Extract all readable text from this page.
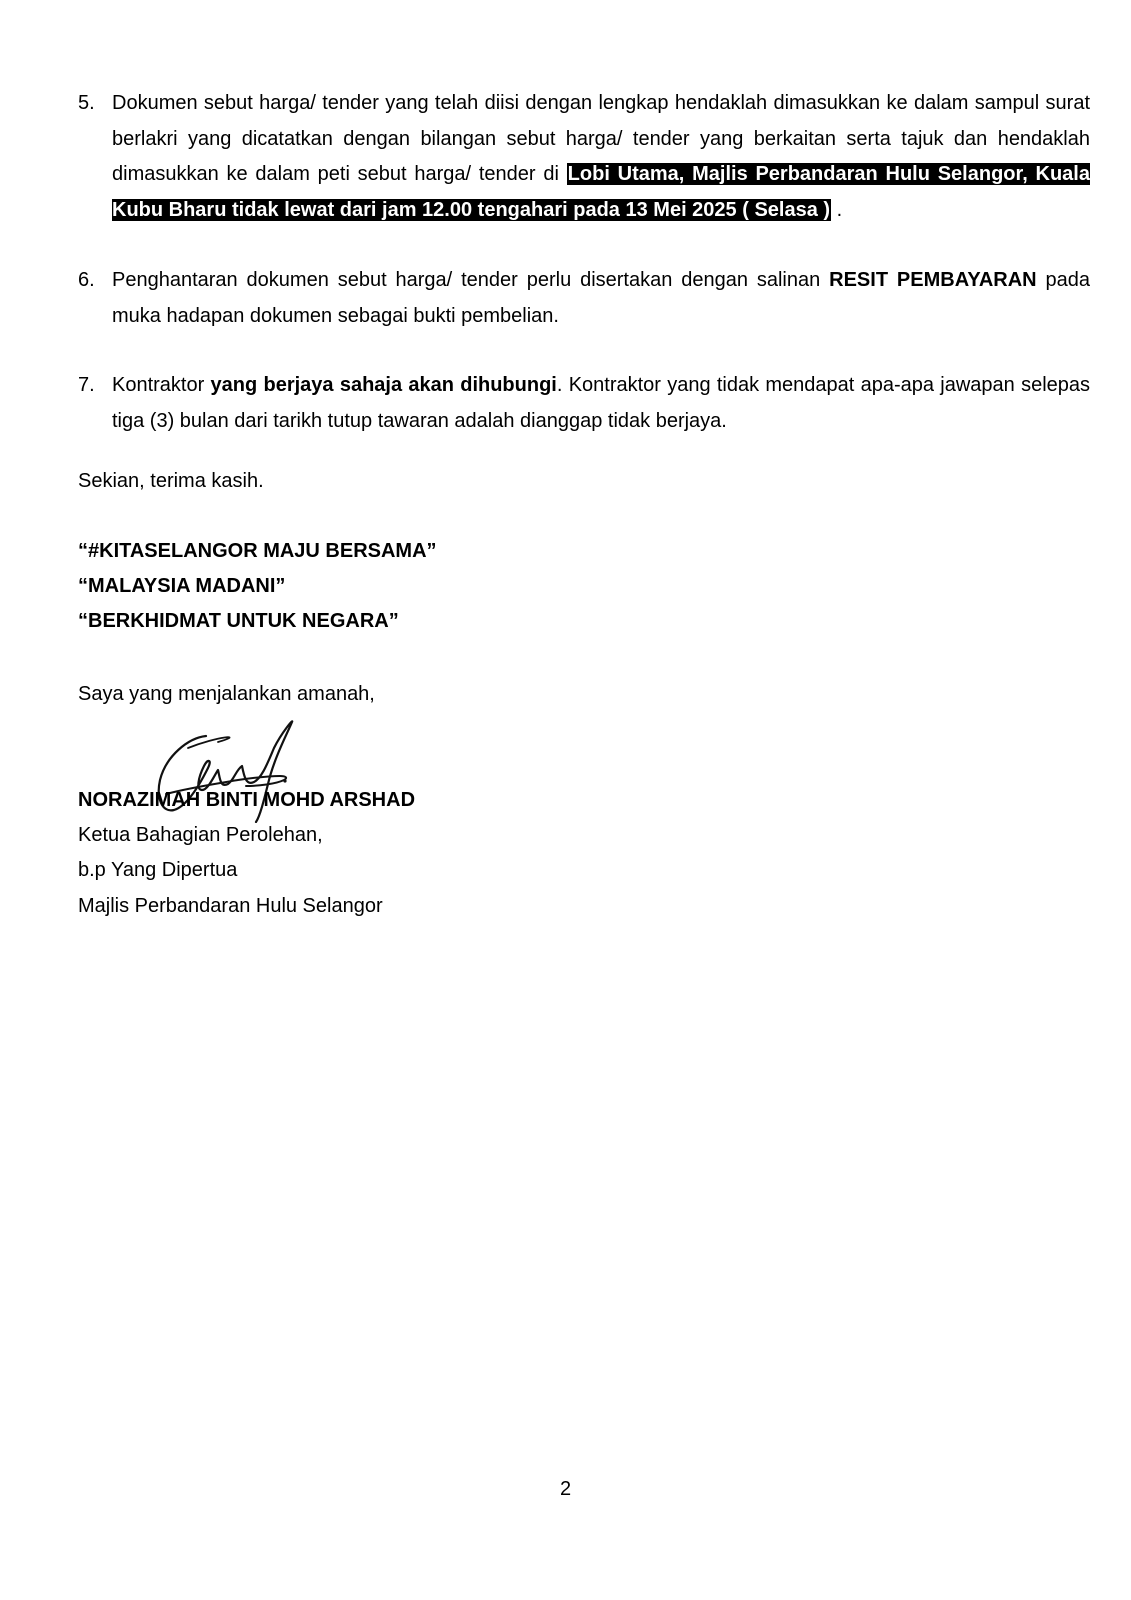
5. Dokumen sebut harga/ tender yang telah diisi dengan lengkap hendaklah dimasukkan ke dalam sampul surat berlakri yang dicatatkan dengan bilangan sebut harga/ tender yang berkaitan serta tajuk dan hendaklah dimasukkan ke dalam peti sebut harga/ tender di Lobi Utama, Majlis Perbandaran Hulu Selangor, Kuala Kubu Bharu tidak lewat dari jam 12.00 tengahari pada 13 Mei 2025 ( Selasa ) .
6. Penghantaran dokumen sebut harga/ tender perlu disertakan dengan salinan RESIT PEMBAYARAN pada muka hadapan dokumen sebagai bukti pembelian.
7. Kontraktor yang berjaya sahaja akan dihubungi. Kontraktor yang tidak mendapat apa-apa jawapan selepas tiga (3) bulan dari tarikh tutup tawaran adalah dianggap tidak berjaya.
Sekian, terima kasih.
“#KITASELANGOR MAJU BERSAMA”
“MALAYSIA MADANI”
“BERKHIDMAT UNTUK NEGARA”
Saya yang menjalankan amanah,
NORAZIMAH BINTI MOHD ARSHAD
Ketua Bahagian Perolehan,
b.p Yang Dipertua
Majlis Perbandaran Hulu Selangor
2
